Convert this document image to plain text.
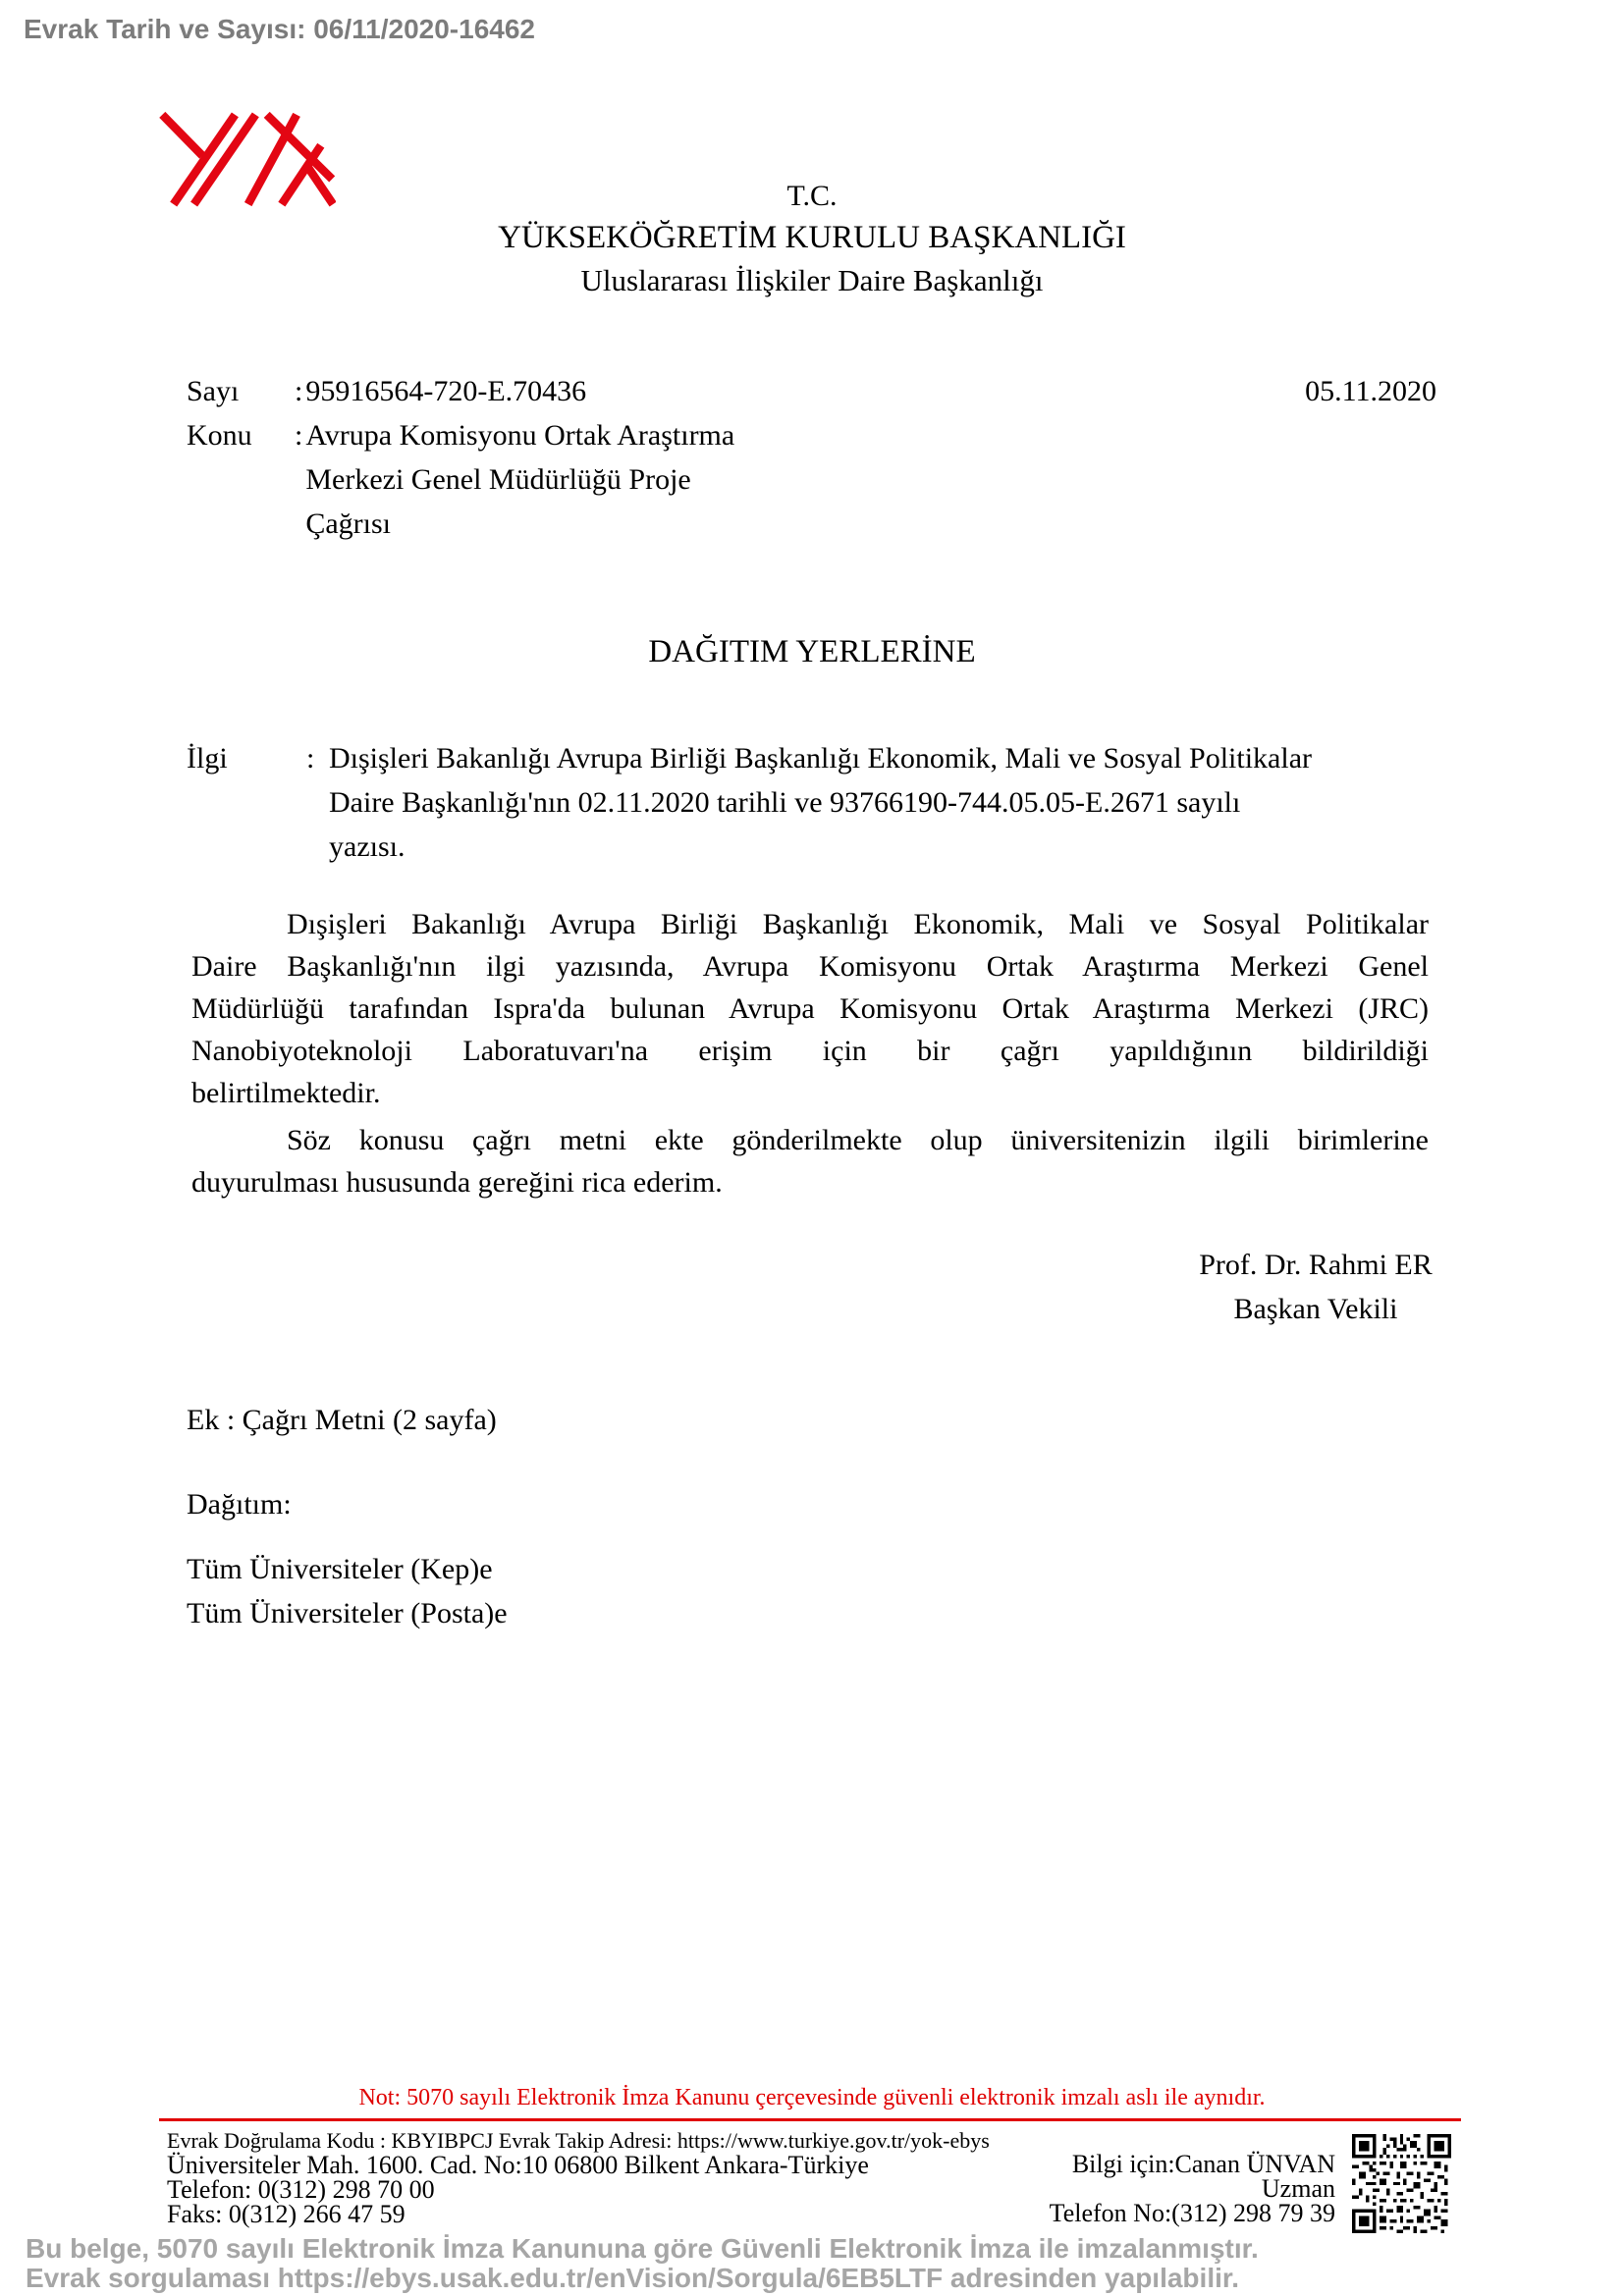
Evrak Tarih ve Sayısı: 06/11/2020-16462
T.C.
YÜKSEKÖĞRETİM KURULU BAŞKANLIĞI
Uluslararası İlişkiler Daire Başkanlığı
Sayı	: 95916564-720-E.70436
Konu	: Avrupa Komisyonu Ortak Araştırma
Merkezi Genel Müdürlüğü Proje
Çağrısı
05.11.2020
DAĞITIM YERLERİNE
İlgi	: Dışişleri Bakanlığı Avrupa Birliği Başkanlığı Ekonomik, Mali ve Sosyal Politikalar
Daire Başkanlığı'nın 02.11.2020 tarihli ve 93766190-744.05.05-E.2671 sayılı
yazısı.
Dışişleri Bakanlığı Avrupa Birliği Başkanlığı Ekonomik, Mali ve Sosyal Politikalar
Daire Başkanlığı'nın ilgi yazısında, Avrupa Komisyonu Ortak Araştırma Merkezi Genel
Müdürlüğü tarafından Ispra'da bulunan Avrupa Komisyonu Ortak Araştırma Merkezi (JRC)
Nanobiyoteknoloji Laboratuvarı'na erişim için bir çağrı yapıldığının bildirildiği
belirtilmektedir.
Söz konusu çağrı metni ekte gönderilmekte olup üniversitenizin ilgili birimlerine
duyurulması hususunda gereğini rica ederim.
Prof. Dr. Rahmi ER
Başkan Vekili
Ek : Çağrı Metni (2 sayfa)
Dağıtım:
Tüm Üniversiteler (Kep)e
Tüm Üniversiteler (Posta)e
Not: 5070 sayılı Elektronik İmza Kanunu çerçevesinde güvenli elektronik imzalı aslı ile aynıdır.
Evrak Doğrulama Kodu : KBYIBPCJ Evrak Takip Adresi: https://www.turkiye.gov.tr/yok-ebys
Üniversiteler Mah. 1600. Cad. No:10 06800 Bilkent Ankara-Türkiye
Telefon: 0(312) 298 70 00
Faks: 0(312) 266 47 59
Bilgi için:Canan ÜNVAN
Uzman
Telefon No:(312) 298 79 39
Bu belge, 5070 sayılı Elektronik İmza Kanununa göre Güvenli Elektronik İmza ile imzalanmıştır.
Evrak sorgulaması https://ebys.usak.edu.tr/enVision/Sorgula/6EB5LTF adresinden yapılabilir.
